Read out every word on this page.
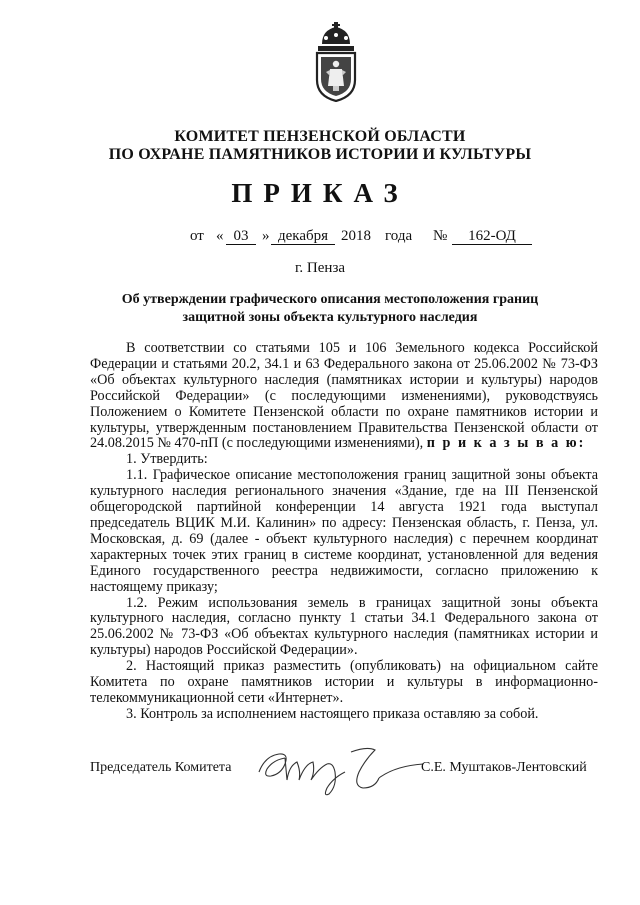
КОМИТЕТ ПЕНЗЕНСКОЙ ОБЛАСТИ
ПО ОХРАНЕ ПАМЯТНИКОВ ИСТОРИИ И КУЛЬТУРЫ
ПРИКАЗ
от « 03 » декабря 2018 года №	162-ОД
г. Пенза
Об утверждении графического описания местоположения границ защитной зоны объекта культурного наследия

В соответствии со статьями 105 и 106 Земельного кодекса Российской Федерации и статьями 20.2, 34.1 и 63 Федерального закона от 25.06.2002 № 73-ФЗ «Об объектах культурного наследия (памятниках истории и культуры) народов Российской Федерации» (с последующими изменениями), руководствуясь Положением о Комитете Пензенской области по охране памятников истории и культуры, утвержденным постановлением Правительства Пензенской области от 24.08.2015 № 470-пП (с последующими изменениями), п р и к а з ы в а ю:

1. Утвердить:

1.1. Графическое описание местоположения границ защитной зоны объекта культурного наследия регионального значения «Здание, где на III Пензенской общегородской партийной конференции 14 августа 1921 года выступал председатель ВЦИК М.И. Калинин» по адресу: Пензенская область, г. Пенза, ул. Московская, д. 69 (далее - объект культурного наследия) с перечнем координат характерных точек этих границ в системе координат, установленной для ведения Единого государственного реестра недвижимости, согласно приложению к настоящему приказу;

1.2. Режим использования земель в границах защитной зоны объекта культурного наследия, согласно пункту 1 статьи 34.1 Федерального закона от 25.06.2002 № 73-ФЗ «Об объектах культурного наследия (памятниках истории и культуры) народов Российской Федерации».

2. Настоящий приказ разместить (опубликовать) на официальном сайте Комитета по охране памятников истории и культуры в информационно-телекоммуникационной сети «Интернет».

3. Контроль за исполнением настоящего приказа оставляю за собой.

Председатель Комитета	С.Е. Муштаков-Лентовский
